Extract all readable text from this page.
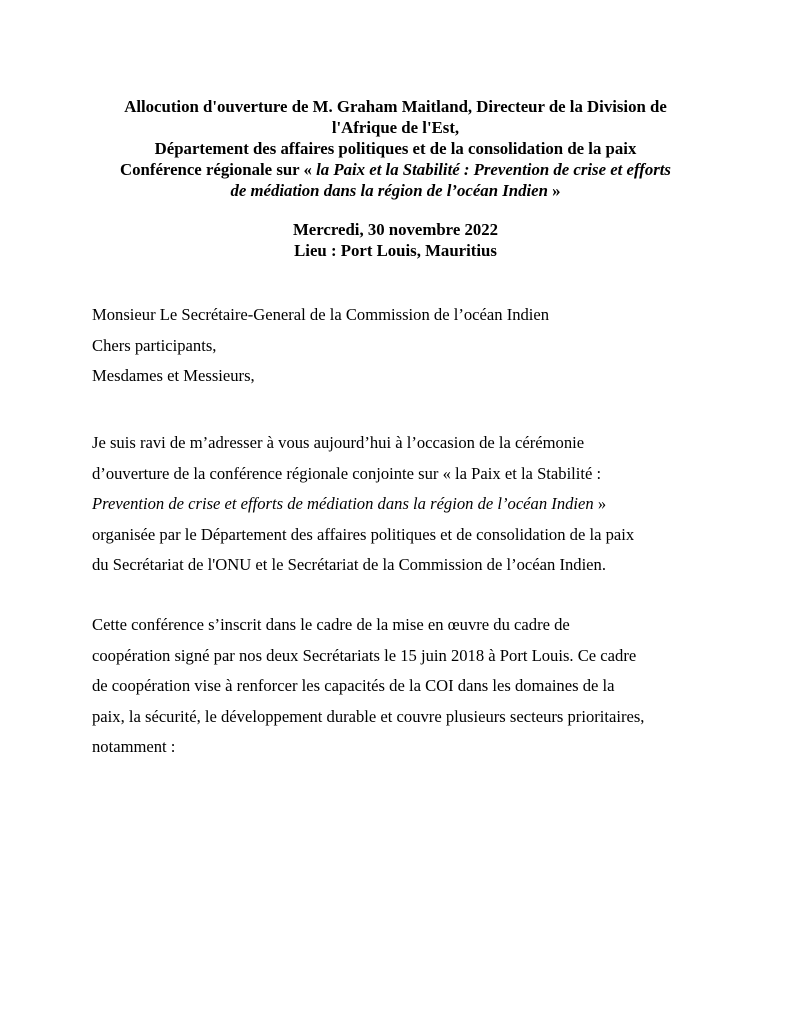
Allocution d'ouverture de M. Graham Maitland, Directeur de la Division de
l'Afrique de l'Est,
Département des affaires politiques et de la consolidation de la paix
Conférence régionale sur « la Paix et la Stabilité : Prevention de crise et efforts
de médiation dans la région de l’océan Indien »
Mercredi, 30 novembre 2022
Lieu : Port Louis, Mauritius
Monsieur Le Secrétaire-General de la Commission de l’océan Indien
Chers participants,
Mesdames et Messieurs,
Je suis ravi de m’adresser à vous aujourd’hui à l’occasion de la cérémonie
d’ouverture de la conférence régionale conjointe sur « la Paix et la Stabilité :
Prevention de crise et efforts de médiation dans la région de l’océan Indien »
organisée par le Département des affaires politiques et de consolidation de la paix
du Secrétariat de l'ONU et le Secrétariat de la Commission de l’océan Indien.
Cette conférence s’inscrit dans le cadre de la mise en œuvre du cadre de
coopération signé par nos deux Secrétariats le 15 juin 2018 à Port Louis. Ce cadre
de coopération vise à renforcer les capacités de la COI dans les domaines de la
paix, la sécurité, le développement durable et couvre plusieurs secteurs prioritaires,
notamment :
